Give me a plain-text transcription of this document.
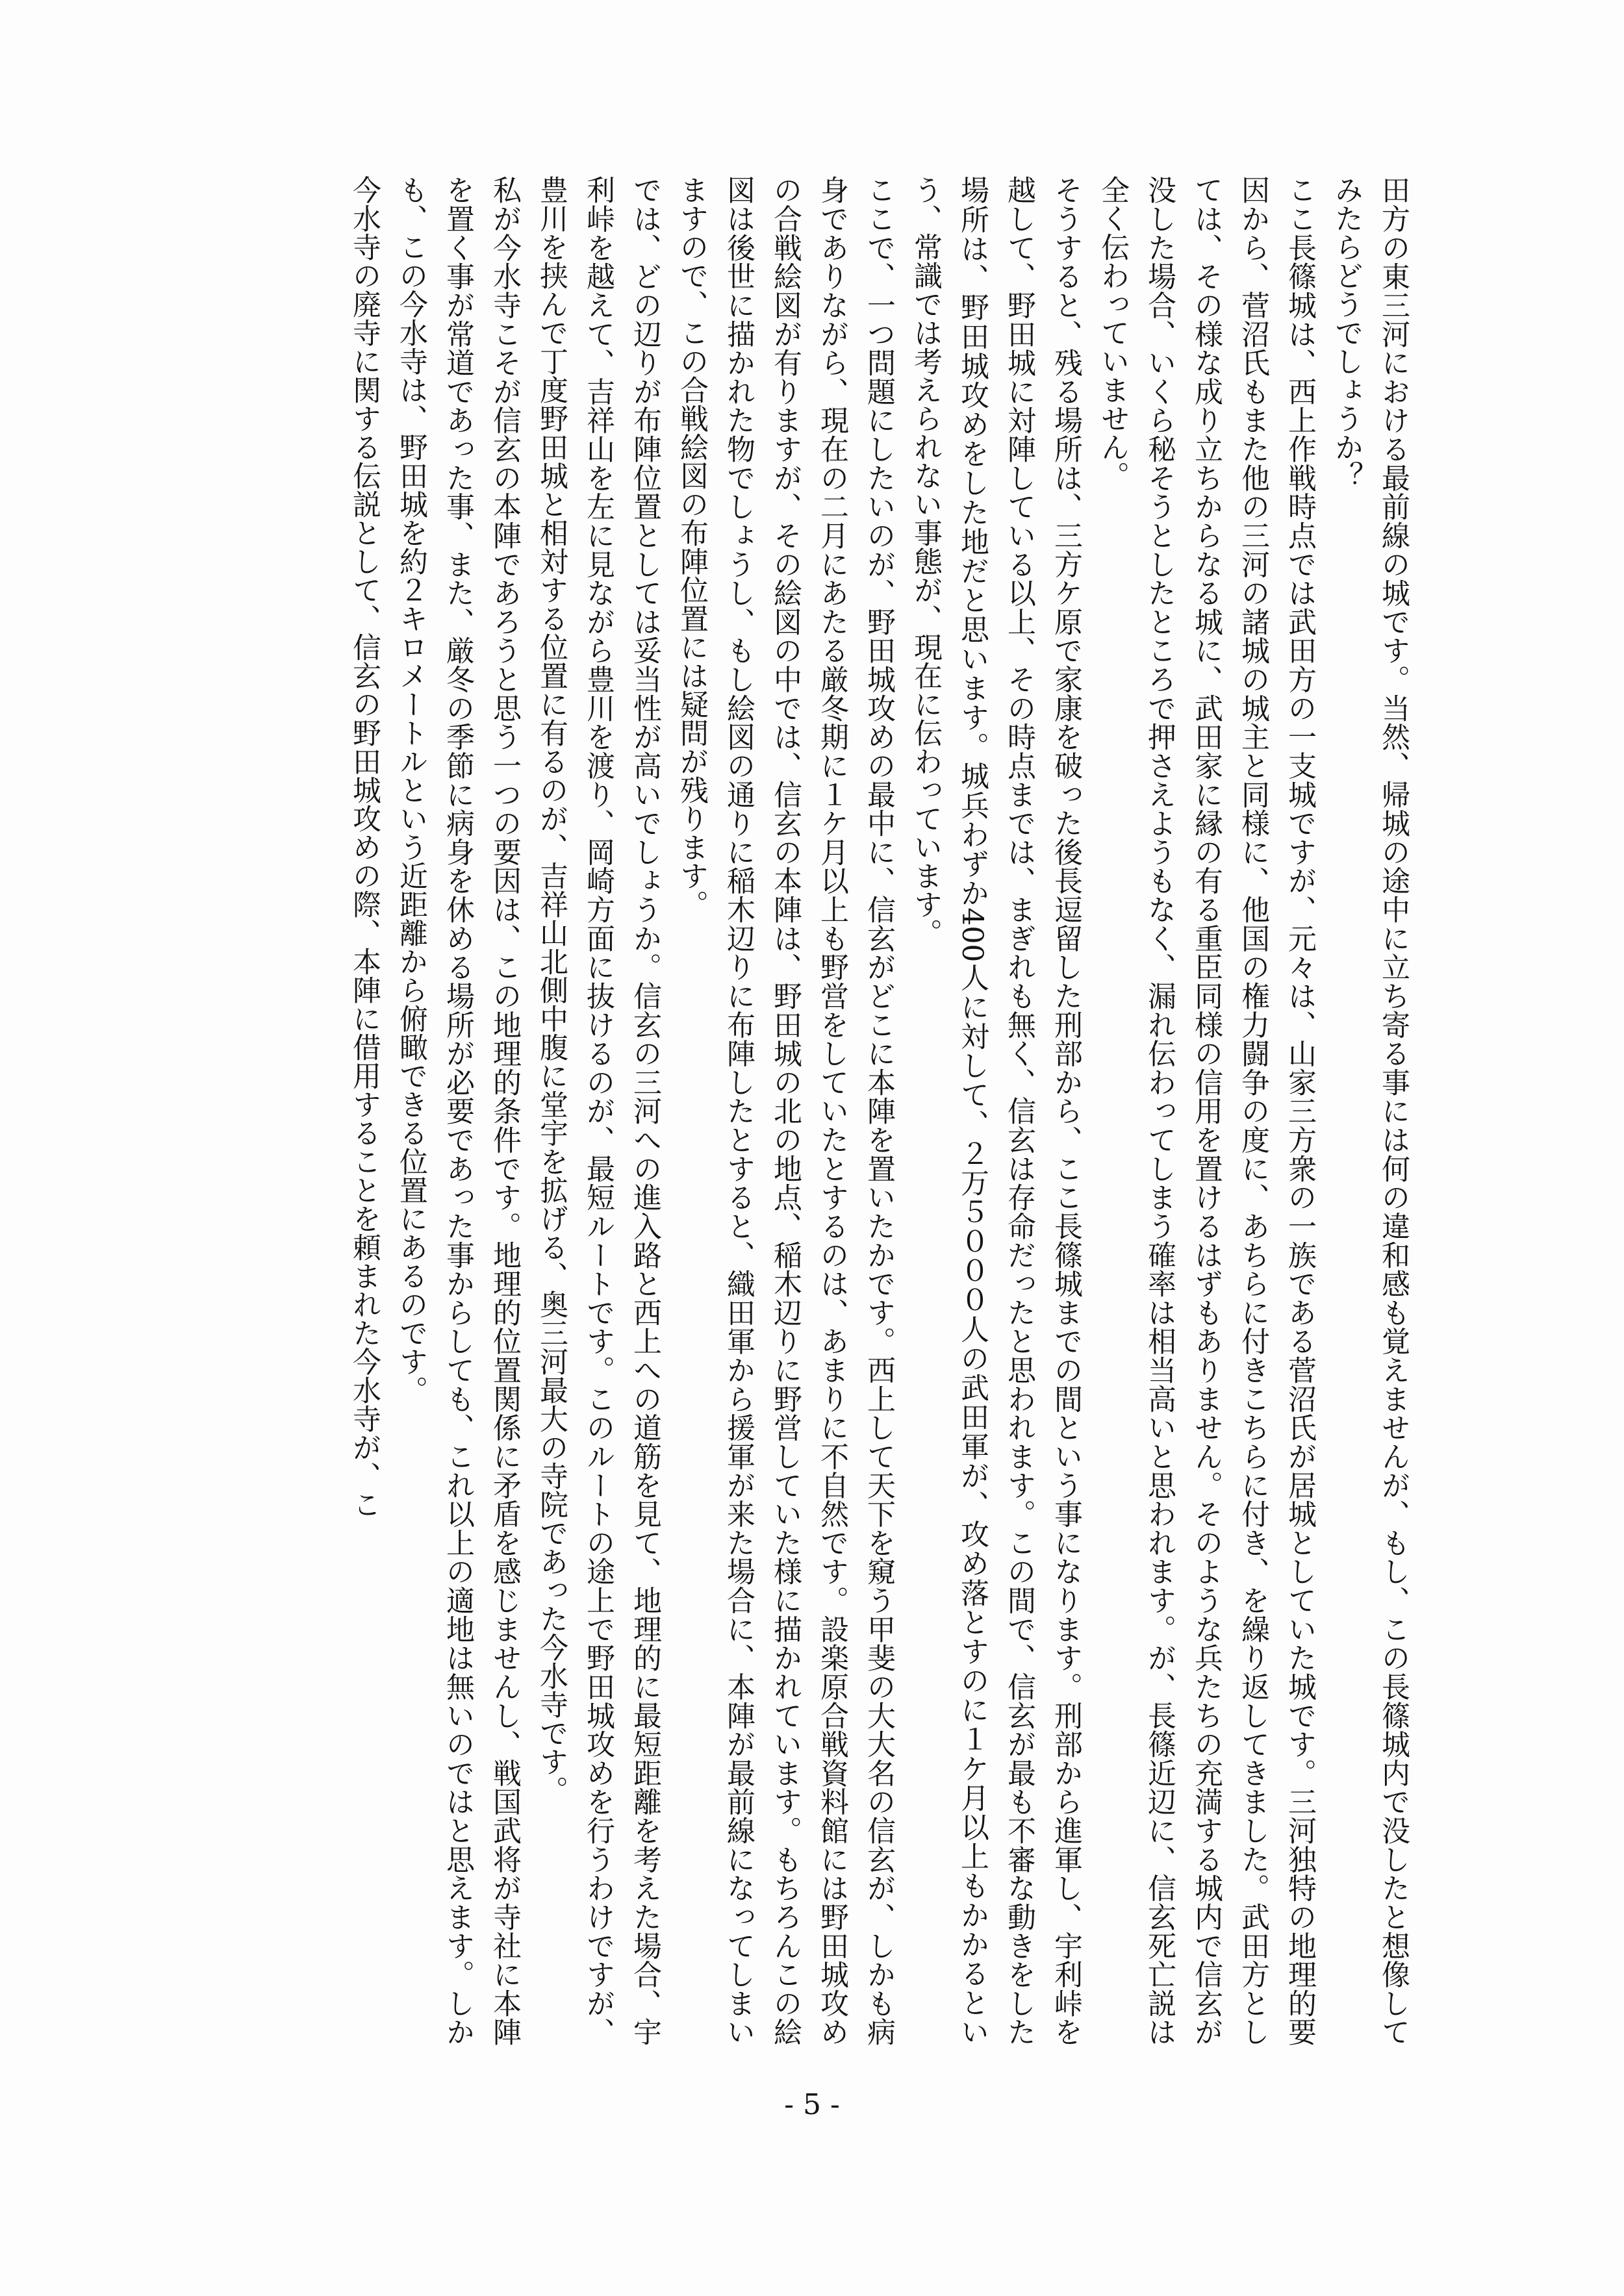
田方の東三河における最前線の城です。当然、帰城の途中に立ち寄る事には何の違和感も覚えませんが、もし、この長篠城内で没したと想像してみたらどうでしょうか？

ここ長篠城は、西上作戦時点では武田方の一支城ですが、元々は、山家三方衆の一族である菅沼氏が居城としていた城です。三河独特の地理的要因から、菅沼氏もまた他の三河の諸城の城主と同様に、他国の権力闘争の度に、あちらに付きこちらに付き、を繰り返してきました。武田方としては、その様な成り立ちからなる城に、武田家に縁の有る重臣同様の信用を置けるはずもありません。そのような兵たちの充満する城内で信玄が没した場合、いくら秘そうとしたところで押さえようもなく、漏れ伝わってしまう確率は相当高いと思われます。が、長篠近辺に、信玄死亡説は全く伝わっていません。

そうすると、残る場所は、三方ケ原で家康を破った後長逗留した刑部から、ここ長篠城までの間という事になります。刑部から進軍し、宇利峠を越して、野田城に対陣している以上、その時点までは、まぎれも無く、信玄は存命だったと思われます。この間で、信玄が最も不審な動きをした場所は、野田城攻めをした地だと思います。城兵わずか400人に対して、２万５０００人の武田軍が、攻め落とすのに１ケ月以上もかかるという、常識では考えられない事態が、現在に伝わっています。

ここで、一つ問題にしたいのが、野田城攻めの最中に、信玄がどこに本陣を置いたかです。西上して天下を窺う甲斐の大大名の信玄が、しかも病身でありながら、現在の二月にあたる厳冬期に１ケ月以上も野営をしていたとするのは、あまりに不自然です。設楽原合戦資料館には野田城攻めの合戦絵図が有りますが、その絵図の中では、信玄の本陣は、野田城の北の地点、稲木辺りに野営していた様に描かれています。もちろんこの絵図は後世に描かれた物でしょうし、もし絵図の通りに稲木辺りに布陣したとすると、織田軍から援軍が来た場合に、本陣が最前線になってしまいますので、この合戦絵図の布陣位置には疑問が残ります。

では、どの辺りが布陣位置としては妥当性が高いでしょうか。信玄の三河への進入路と西上への道筋を見て、地理的に最短距離を考えた場合、宇利峠を越えて、吉祥山を左に見ながら豊川を渡り、岡崎方面に抜けるのが、最短ルートです。このルートの途上で野田城攻めを行うわけですが、豊川を挟んで丁度野田城と相対する位置に有るのが、吉祥山北側中腹に堂宇を拡げる、奥三河最大の寺院であった今水寺です。

私が今水寺こそが信玄の本陣であろうと思う一つの要因は、この地理的条件です。地理的位置関係に矛盾を感じませんし、戦国武将が寺社に本陣を置く事が常道であった事、また、厳冬の季節に病身を休める場所が必要であった事からしても、これ以上の適地は無いのではと思えます。しかも、この今水寺は、野田城を約２キロメートルという近距離から俯瞰できる位置にあるのです。

今水寺の廃寺に関する伝説として、信玄の野田城攻めの際、本陣に借用することを頼まれた今水寺が、こ

- 5 -
